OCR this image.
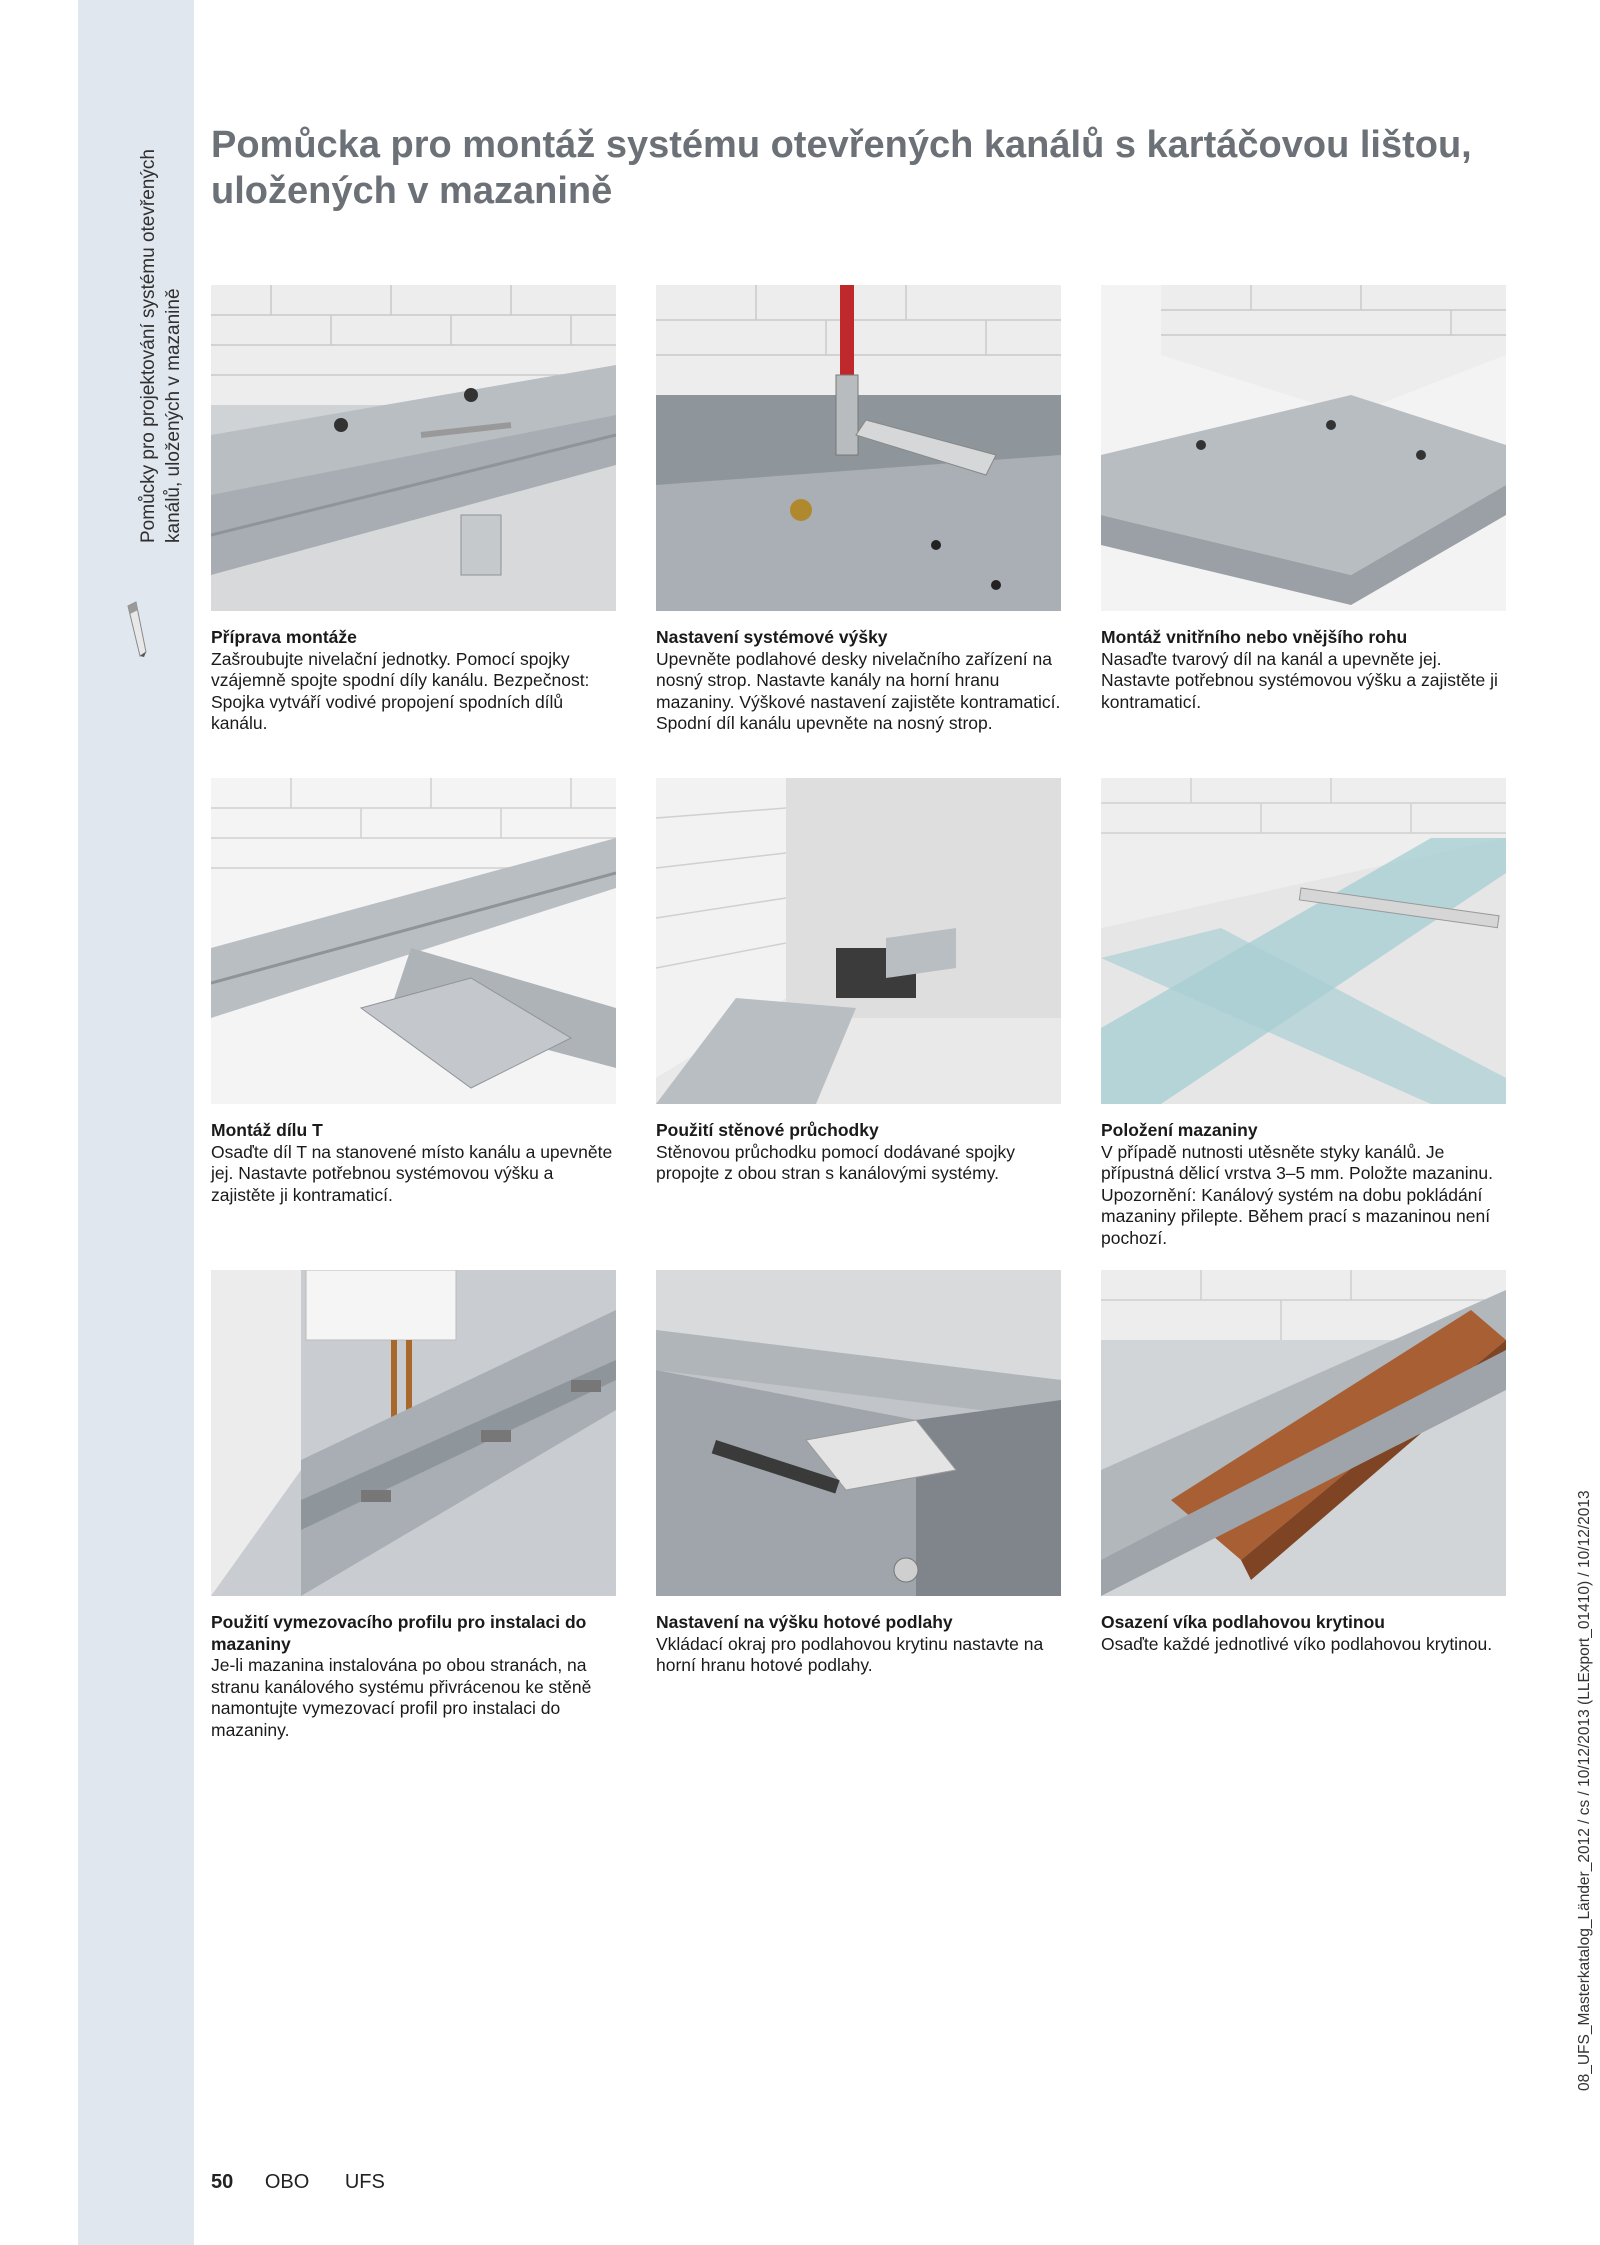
Pomůcky pro projektování systému otevřených kanálů, uložených v mazanině
Pomůcka pro montáž systému otevřených kanálů s kartáčovou lištou, uložených v mazanině
Příprava montáže
Zašroubujte nivelační jednotky. Pomocí spojky vzájemně spojte spodní díly kanálu. Bezpečnost: Spojka vytváří vodivé propojení spodních dílů kanálu.
Nastavení systémové výšky
Upevněte podlahové desky nivelačního zařízení na nosný strop. Nastavte kanály na horní hranu mazaniny. Výškové nastavení zajistěte kontramaticí. Spodní díl kanálu upevněte na nosný strop.
Montáž vnitřního nebo vnějšího rohu
Nasaďte tvarový díl na kanál a upevněte jej. Nastavte potřebnou systémovou výšku a zajistěte ji kontramaticí.
Montáž dílu T
Osaďte díl T na stanovené místo kanálu a upevněte jej. Nastavte potřebnou systémovou výšku a zajistěte ji kontramaticí.
Použití stěnové průchodky
Stěnovou průchodku pomocí dodávané spojky propojte z obou stran s kanálovými systémy.
Položení mazaniny
V případě nutnosti utěsněte styky kanálů. Je přípustná dělicí vrstva 3–5 mm. Položte mazaninu. Upozornění: Kanálový systém na dobu pokládání mazaniny přilepte. Během prací s mazaninou není pochozí.
Použití vymezovacího profilu pro instalaci do mazaniny
Je-li mazanina instalována po obou stranách, na stranu kanálového systému přivrácenou ke stěně namontujte vymezovací profil pro instalaci do mazaniny.
Nastavení na výšku hotové podlahy
Vkládací okraj pro podlahovou krytinu nastavte na horní hranu hotové podlahy.
Osazení víka podlahovou krytinou
Osaďte každé jednotlivé víko podlahovou krytinou.
50 OBO UFS
08_UFS_Masterkatalog_Länder_2012 / cs / 10/12/2013 (LLExport_01410) / 10/12/2013
